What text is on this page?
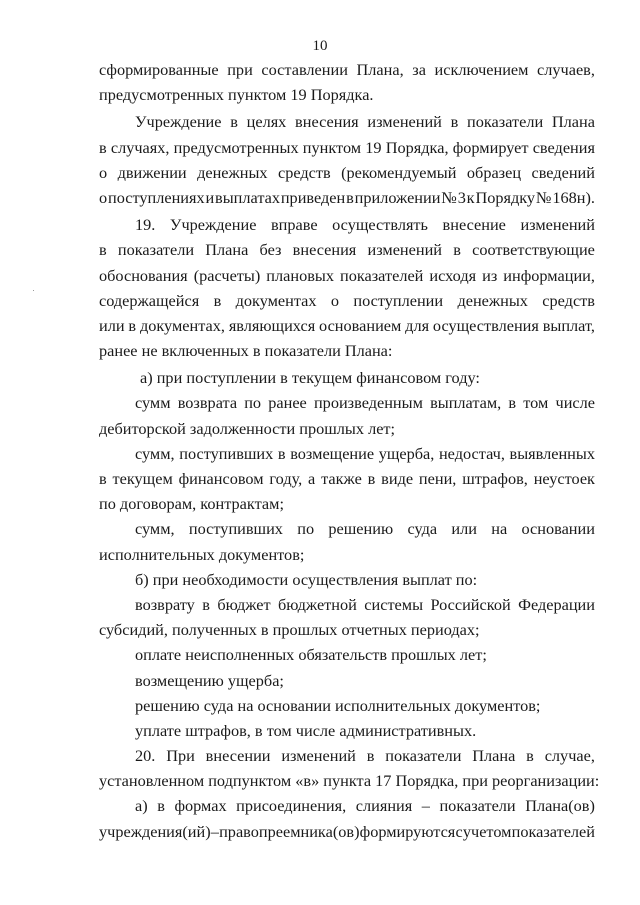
10
сформированные при составлении Плана, за исключением случаев,
предусмотренных пунктом 19 Порядка.
Учреждение в целях внесения изменений в показатели Плана
в случаях, предусмотренных пунктом 19 Порядка, формирует сведения
о движении денежных средств (рекомендуемый образец сведений
о поступлениях и выплатах приведен в приложении № 3 к Порядку № 168н).
19. Учреждение вправе осуществлять внесение изменений
в показатели Плана без внесения изменений в соответствующие
обоснования (расчеты) плановых показателей исходя из информации,
содержащейся в документах о поступлении денежных средств
или в документах, являющихся основанием для осуществления выплат,
ранее не включенных в показатели Плана:
а) при поступлении в текущем финансовом году:
сумм возврата по ранее произведенным выплатам, в том числе
дебиторской задолженности прошлых лет;
сумм, поступивших в возмещение ущерба, недостач, выявленных
в текущем финансовом году, а также в виде пени, штрафов, неустоек
по договорам, контрактам;
сумм, поступивших по решению суда или на основании
исполнительных документов;
б) при необходимости осуществления выплат по:
возврату в бюджет бюджетной системы Российской Федерации
субсидий, полученных в прошлых отчетных периодах;
оплате неисполненных обязательств прошлых лет;
возмещению ущерба;
решению суда на основании исполнительных документов;
уплате штрафов, в том числе административных.
20. При внесении изменений в показатели Плана в случае,
установленном подпунктом «в» пункта 17 Порядка, при реорганизации:
а) в формах присоединения, слияния – показатели Плана(ов)
учреждения(ий) – правопреемника(ов) формируются с учетом показателей
